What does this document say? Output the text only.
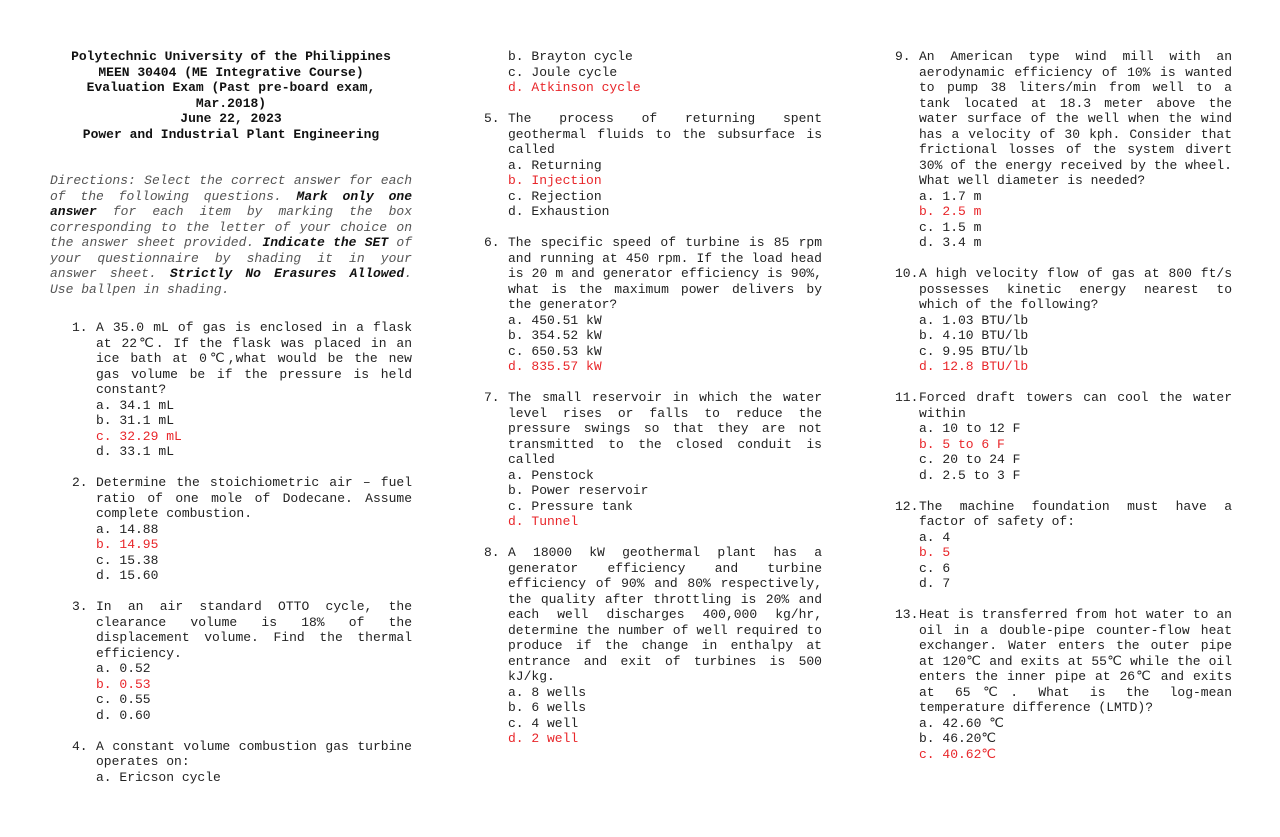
Polytechnic University of the Philippines
MEEN 30404 (ME Integrative Course)
Evaluation Exam (Past pre-board exam, Mar.2018)
June 22, 2023
Power and Industrial Plant Engineering
Directions: Select the correct answer for each of the following questions. Mark only one answer for each item by marking the box corresponding to the letter of your choice on the answer sheet provided. Indicate the SET of your questionnaire by shading it in your answer sheet. Strictly No Erasures Allowed. Use ballpen in shading.
1. A 35.0 mL of gas is enclosed in a flask at 22℃. If the flask was placed in an ice bath at 0℃,what would be the new gas volume be if the pressure is held constant?
a. 34.1 mL
b. 31.1 mL
c. 32.29 mL
d. 33.1 mL
2. Determine the stoichiometric air – fuel ratio of one mole of Dodecane. Assume complete combustion.
a. 14.88
b. 14.95
c. 15.38
d. 15.60
3. In an air standard OTTO cycle, the clearance volume is 18% of the displacement volume. Find the thermal efficiency.
a. 0.52
b. 0.53
c. 0.55
d. 0.60
4. A constant volume combustion gas turbine operates on:
a. Ericson cycle
b. Brayton cycle
c. Joule cycle
d. Atkinson cycle
5. The process of returning spent geothermal fluids to the subsurface is called
a. Returning
b. Injection
c. Rejection
d. Exhaustion
6. The specific speed of turbine is 85 rpm and running at 450 rpm. If the load head is 20 m and generator efficiency is 90%, what is the maximum power delivers by the generator?
a. 450.51 kW
b. 354.52 kW
c. 650.53 kW
d. 835.57 kW
7. The small reservoir in which the water level rises or falls to reduce the pressure swings so that they are not transmitted to the closed conduit is called
a. Penstock
b. Power reservoir
c. Pressure tank
d. Tunnel
8. A 18000 kW geothermal plant has a generator efficiency and turbine efficiency of 90% and 80% respectively, the quality after throttling is 20% and each well discharges 400,000 kg/hr, determine the number of well required to produce if the change in enthalpy at entrance and exit of turbines is 500 kJ/kg.
a. 8 wells
b. 6 wells
c. 4 well
d. 2 well
9. An American type wind mill with an aerodynamic efficiency of 10% is wanted to pump 38 liters/min from well to a tank located at 18.3 meter above the water surface of the well when the wind has a velocity of 30 kph. Consider that frictional losses of the system divert 30% of the energy received by the wheel. What well diameter is needed?
a. 1.7 m
b. 2.5 m
c. 1.5 m
d. 3.4 m
10. A high velocity flow of gas at 800 ft/s possesses kinetic energy nearest to which of the following?
a. 1.03 BTU/lb
b. 4.10 BTU/lb
c. 9.95 BTU/lb
d. 12.8 BTU/lb
11. Forced draft towers can cool the water within
a. 10 to 12 F
b. 5 to 6 F
c. 20 to 24 F
d. 2.5 to 3 F
12. The machine foundation must have a factor of safety of:
a. 4
b. 5
c. 6
d. 7
13. Heat is transferred from hot water to an oil in a double-pipe counter-flow heat exchanger. Water enters the outer pipe at 120℃ and exits at 55℃ while the oil enters the inner pipe at 26℃ and exits at 65℃. What is the log-mean temperature difference (LMTD)?
a. 42.60 ℃
b. 46.20℃
c. 40.62℃
